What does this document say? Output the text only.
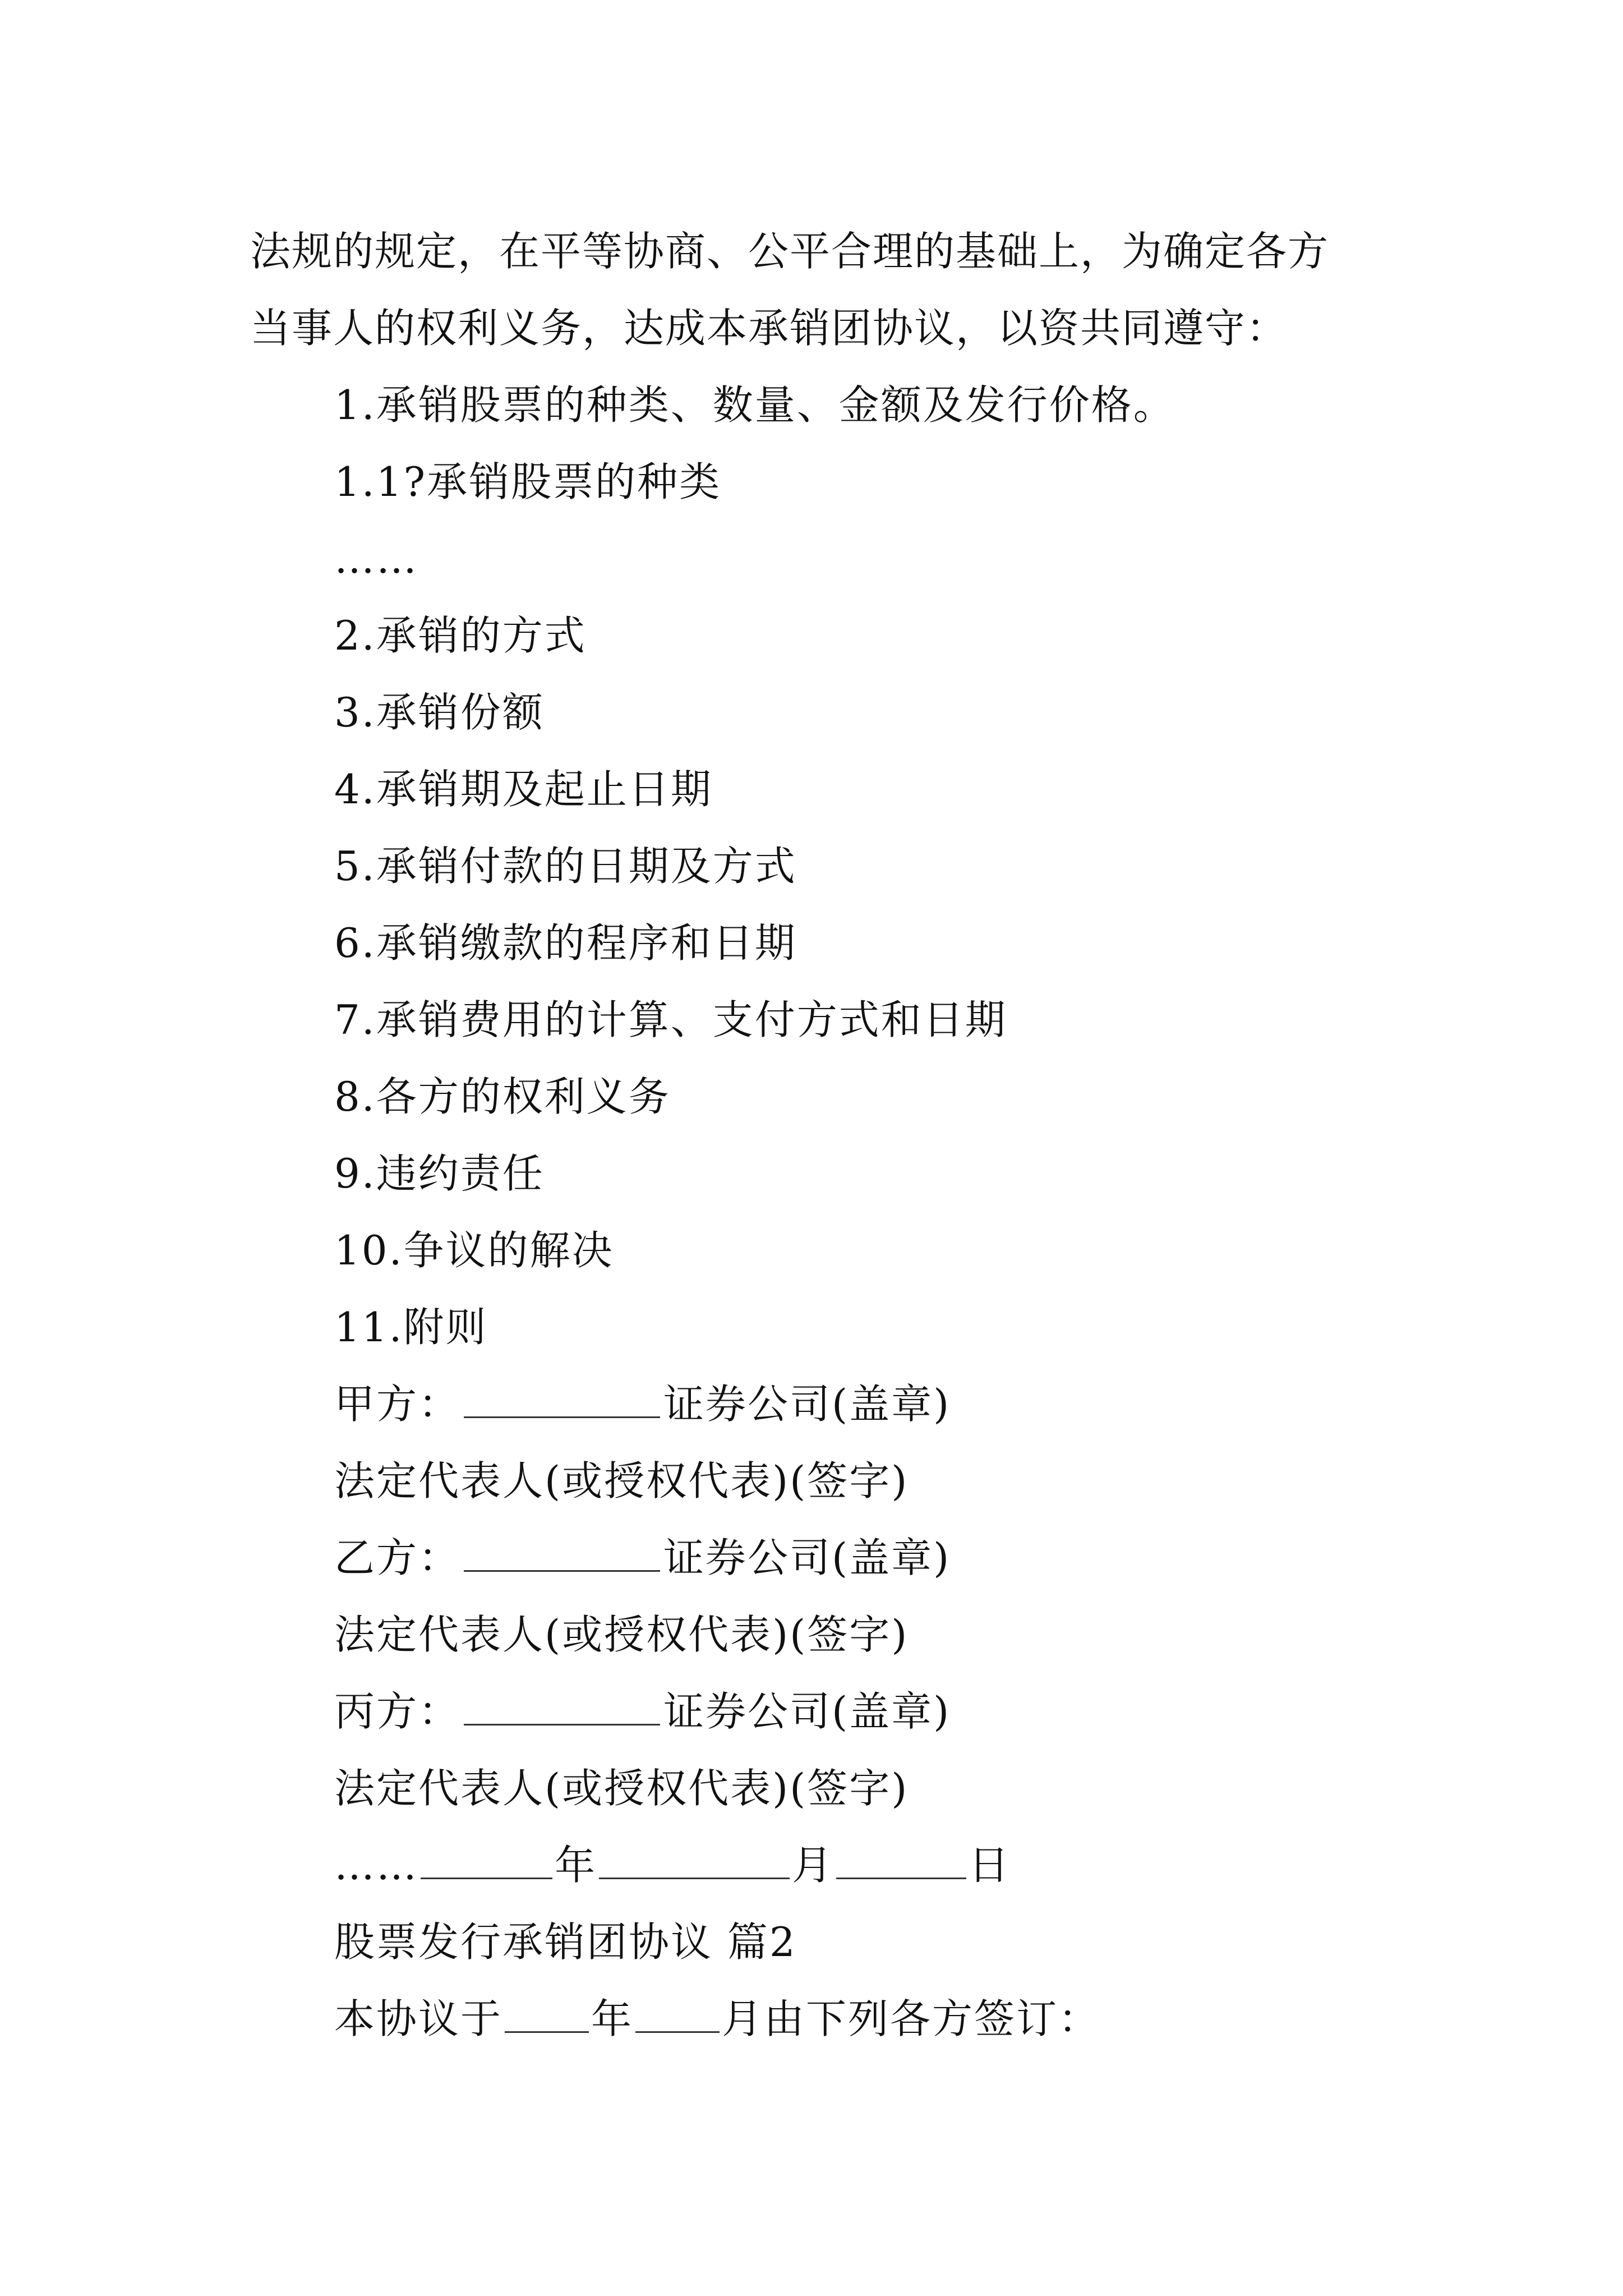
法规的规定，在平等协商、公平合理的基础上，为确定各方
当事人的权利义务，达成本承销团协议，以资共同遵守：
1.承销股票的种类、数量、金额及发行价格。
1.1?承销股票的种类
……
2.承销的方式
3.承销份额
4.承销期及起止日期
5.承销付款的日期及方式
6.承销缴款的程序和日期
7.承销费用的计算、支付方式和日期
8.各方的权利义务
9.违约责任
10.争议的解决
11.附则
甲方：	证券公司(盖章)
法定代表人(或授权代表)(签字)
乙方：	证券公司(盖章)
法定代表人(或授权代表)(签字)
丙方：	证券公司(盖章)
法定代表人(或授权代表)(签字)
……	年	月	日
股票发行承销团协议 篇2
本协议于 年 月由下列各方签订：
